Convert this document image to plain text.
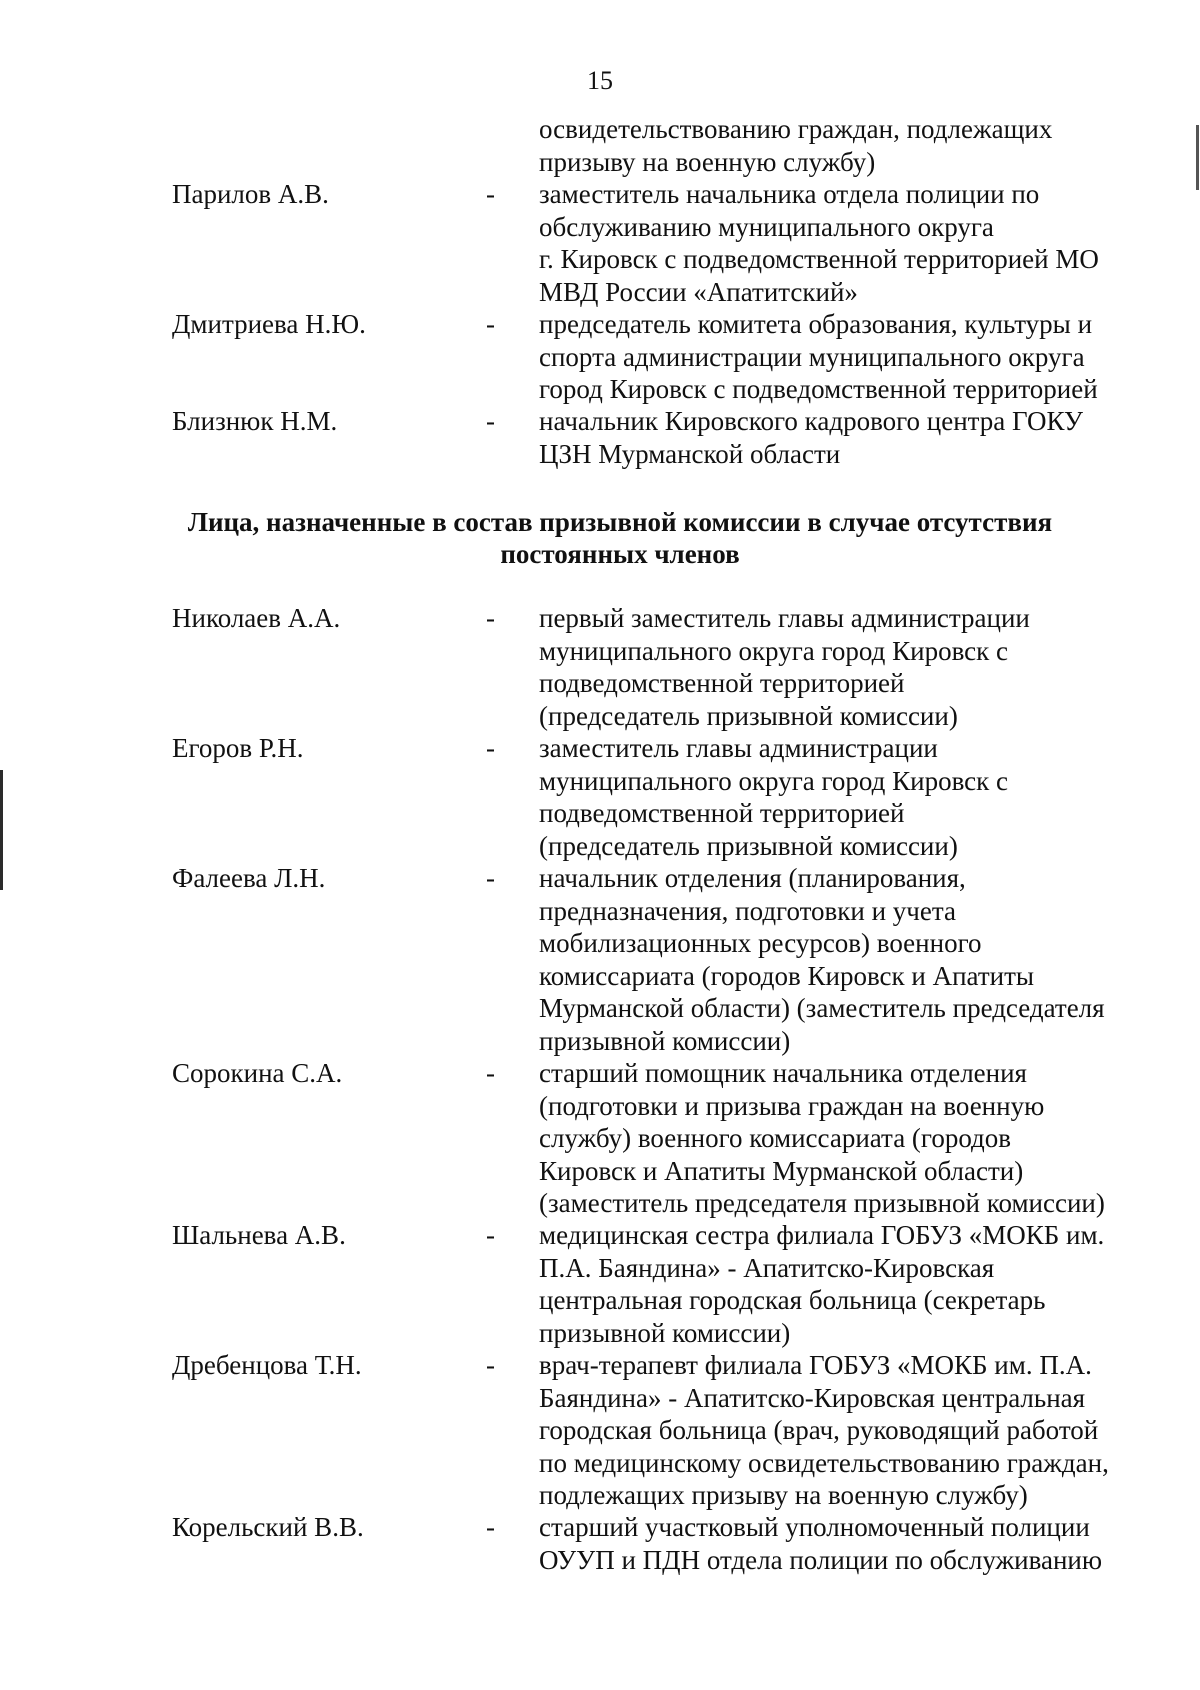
15
освидетельствованию граждан, подлежащих
призыву на военную службу)
Парилов А.В.	-	заместитель начальника отдела полиции по
обслуживанию муниципального округа
г. Кировск с подведомственной территорией МО
МВД России «Апатитский»
Дмитриева Н.Ю.	-	председатель комитета образования, культуры и
спорта администрации муниципального округа
город Кировск с подведомственной территорией
Близнюк Н.М.	-	начальник Кировского кадрового центра ГОКУ
ЦЗН Мурманской области
Лица, назначенные в состав призывной комиссии в случае отсутствия
постоянных членов
Николаев А.А.	-	первый заместитель главы администрации
муниципального округа город Кировск с
подведомственной территорией
(председатель призывной комиссии)
Егоров Р.Н.	-	заместитель главы администрации
муниципального округа город Кировск с
подведомственной территорией
(председатель призывной комиссии)
Фалеева Л.Н.	-	начальник отделения (планирования,
предназначения, подготовки и учета
мобилизационных ресурсов) военного
комиссариата (городов Кировск и Апатиты
Мурманской области) (заместитель председателя
призывной комиссии)
Сорокина С.А.	-	старший помощник начальника отделения
(подготовки и призыва граждан на военную
службу) военного комиссариата (городов
Кировск и Апатиты Мурманской области)
(заместитель председателя призывной комиссии)
Шальнева А.В.	-	медицинская сестра филиала ГОБУЗ «МОКБ им.
П.А. Баяндина» - Апатитско-Кировская
центральная городская больница (секретарь
призывной комиссии)
Дребенцова Т.Н.	-	врач-терапевт филиала ГОБУЗ «МОКБ им. П.А.
Баяндина» - Апатитско-Кировская центральная
городская больница (врач, руководящий работой
по медицинскому освидетельствованию граждан,
подлежащих призыву на военную службу)
Корельский В.В.	-	старший участковый уполномоченный полиции
ОУУП и ПДН отдела полиции по обслуживанию
